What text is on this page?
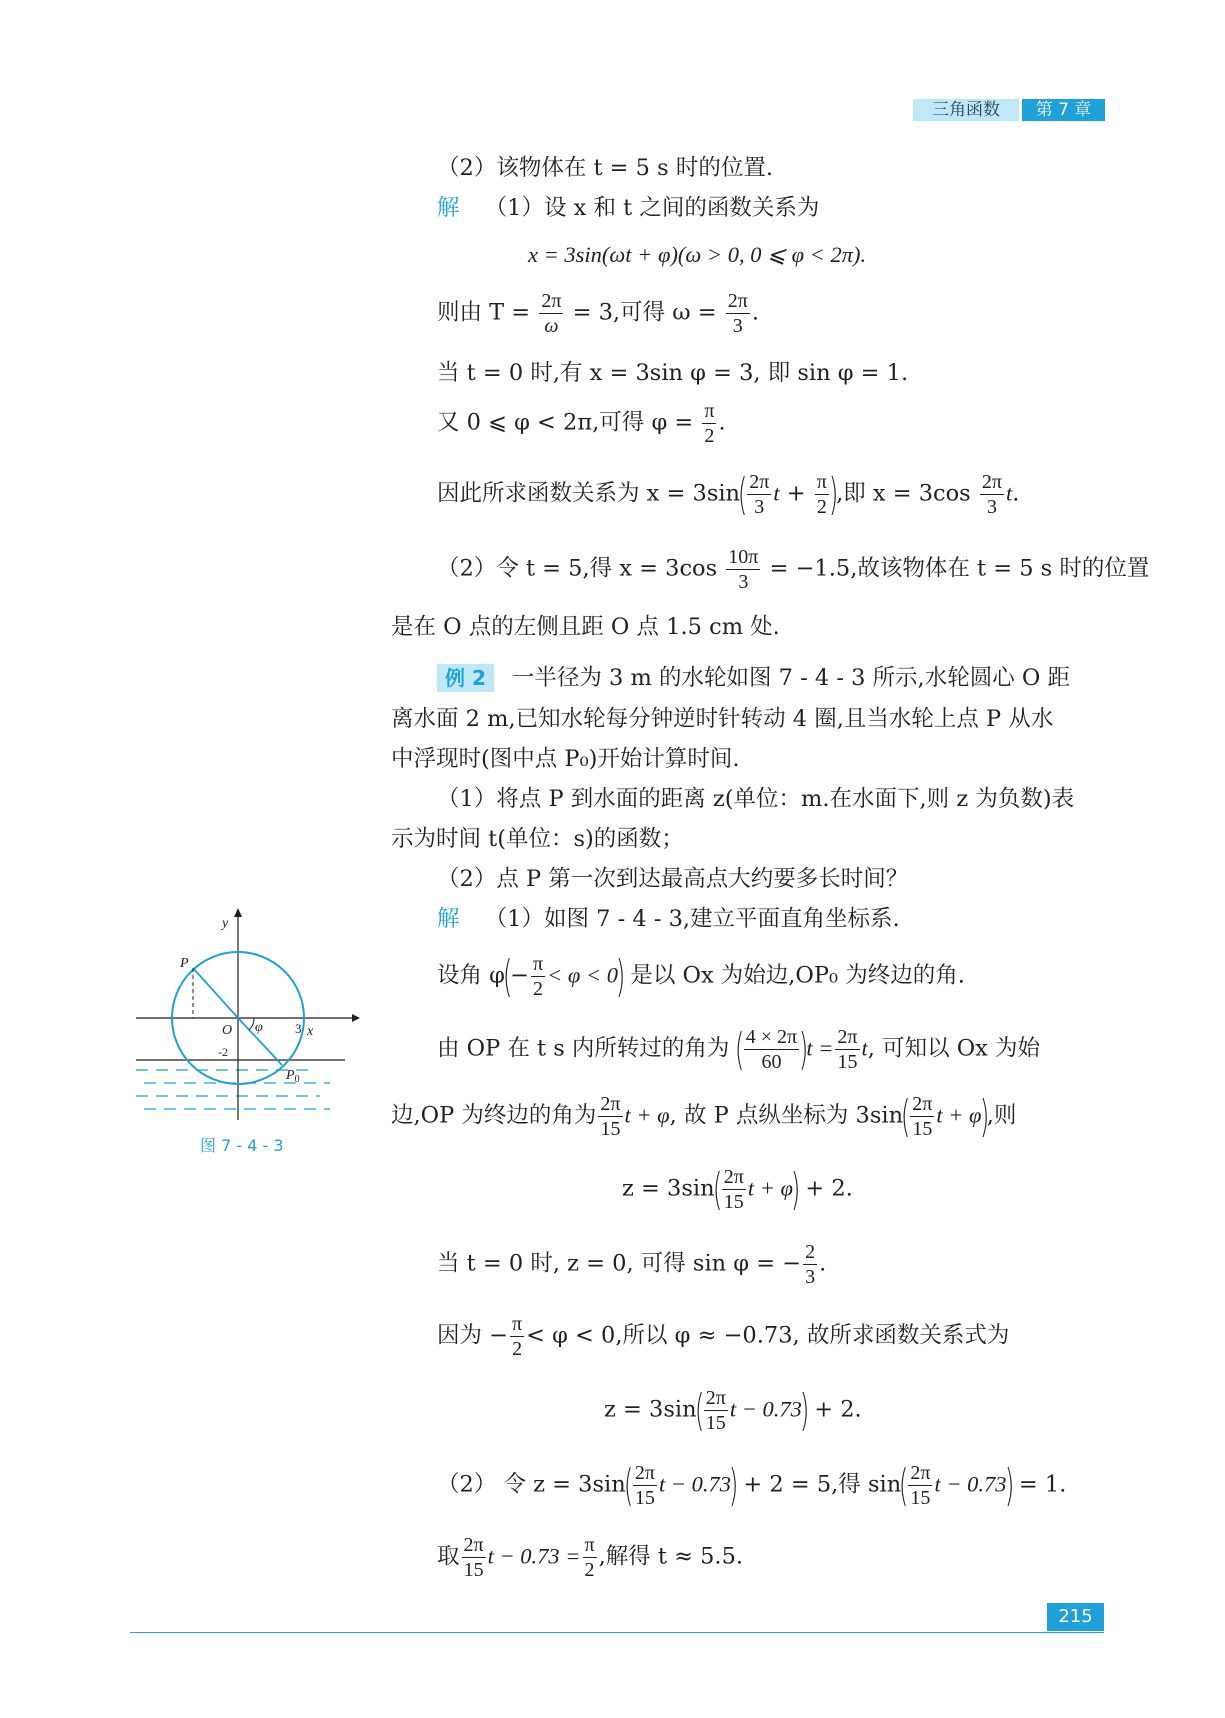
三角函数	第 7 章
（2）该物体在 t = 5 s 时的位置.
解 （1）设 x 和 t 之间的函数关系为
x = 3sin(ωt + φ)(ω > 0, 0 ⩽ φ < 2π).
则由 $T = \frac{2\pi}{\omega} = 3$,可得 $\omega = \frac{2\pi}{3}$ .
当 t = 0 时,有 x = 3sin φ = 3, 即 sin φ = 1.
又 0 ⩽ φ < 2π,可得 $\varphi = \frac{\pi}{2}$ .
因此所求函数关系为 $x = 3\sin( \frac{2\pi}{3}$ $t + \frac{\pi}{2}$ ),即 $x = 3\cos \frac{2\pi}{3} t$.
（2）令 t = 5,得 $x = 3\cos \frac{10\pi}{3} = -1.5$,故该物体在 t = 5 s 时的位置
是在 O 点的左侧且距 O 点 1.5 cm 处.
例 2 一半径为 3 m 的水轮如图 7 - 4 - 3 所示,水轮圆心 O 距
离水面 2 m,已知水轮每分钟逆时针转动 4 圈,且当水轮上点 P 从水
中浮现时(图中点 P₀)开始计算时间.
（1）将点 P 到水面的距离 z(单位：m.在水面下,则 z 为负数)表
示为时间 t(单位：s)的函数；
（2）点 P 第一次到达最高点大约要多长时间？
解 （1）如图 7 - 4 - 3,建立平面直角坐标系.
设角 $\varphi(- \frac{\pi}{2} < \varphi < 0)$ 是以 Ox 为始边,OP₀ 为终边的角.
由 OP 在 t s 内所转过的角为 ( $\frac{4 \times 2\pi}{60} )t = \frac{2\pi}{15} t$, 可知以 Ox 为始
边,OP 为终边的角为 $\frac{2\pi}{15}$ t + φ, 故 P 点纵坐标为 $3\sin( \frac{2\pi}{15}$ t + φ),则
$z = 3\sin( \frac{2\pi}{15}$ t + φ) + 2.
当 t = 0 时, z = 0, 可得 sin φ = − $\frac{2}{3}$ .
因为 − $\frac{\pi}{2} < \varphi < 0$,所以 φ ≈ −0.73, 故所求函数关系式为
$z = 3\sin( \frac{2\pi}{15}$ t − 0.73) + 2.
（2） 令 $z = 3\sin( \frac{2\pi}{15}$ t − 0.73) + 2 = 5,得 $\sin( \frac{2\pi}{15}$ t − 0.73) = 1.
取 $\frac{2\pi}{15}$ $t - 0.73 = \frac{\pi}{2}$ ,解得 t ≈ 5.5.
y
x
P
O φ 3
-2
$P_0$
图 7 - 4 - 3
215
